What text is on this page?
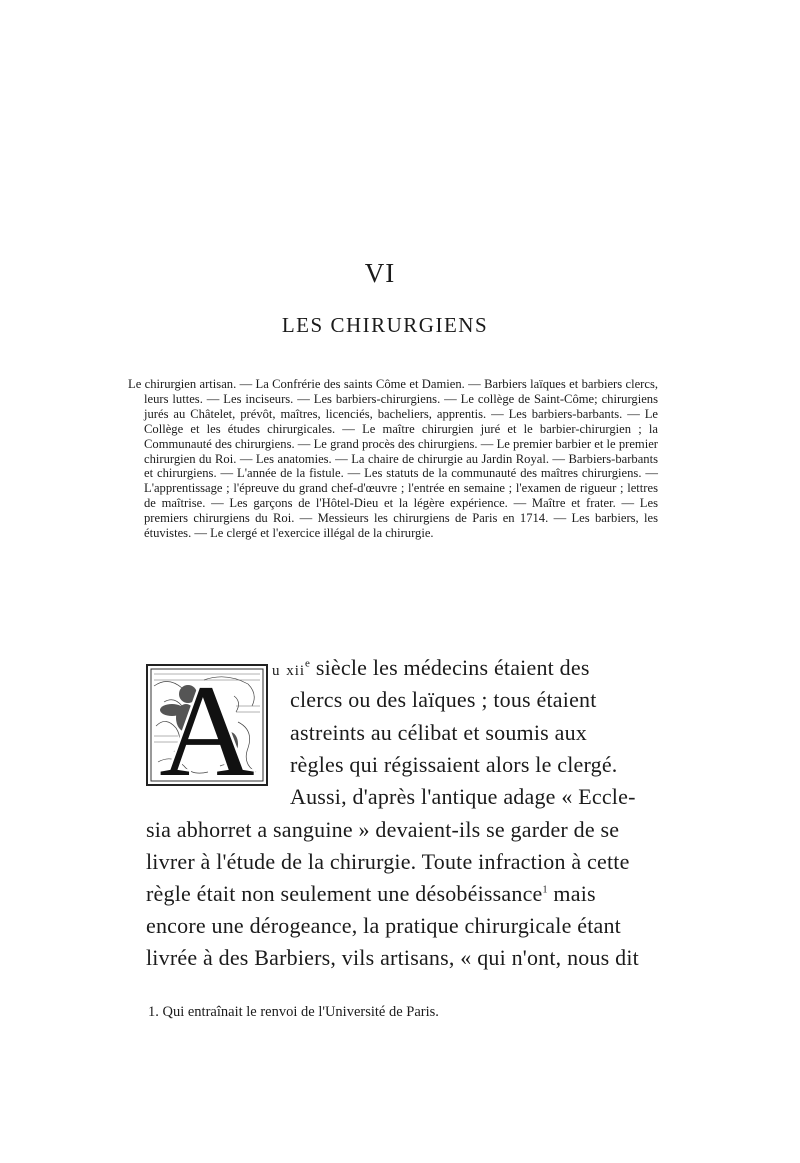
VI
LES CHIRURGIENS
Le chirurgien artisan. — La Confrérie des saints Côme et Damien. — Barbiers laïques et barbiers clercs, leurs luttes. — Les inciseurs. — Les barbiers-chirurgiens. — Le collège de Saint-Côme; chirurgiens jurés au Châtelet, prévôt, maîtres, licenciés, bacheliers, apprentis. — Les barbiers-barbants. — Le Collège et les études chirurgicales. — Le maître chirurgien juré et le barbier-chirurgien ; la Communauté des chirurgiens. — Le grand procès des chirurgiens. — Le premier barbier et le premier chirurgien du Roi. — Les anatomies. — La chaire de chirurgie au Jardin Royal. — Barbiers-barbants et chirurgiens. — L'année de la fistule. — Les statuts de la communauté des maîtres chirurgiens. — L'apprentissage ; l'épreuve du grand chef-d'œuvre ; l'entrée en semaine ; l'examen de rigueur ; lettres de maîtrise. — Les garçons de l'Hôtel-Dieu et la légère expérience. — Maître et frater. — Les premiers chirurgiens du Roi. — Messieurs les chirurgiens de Paris en 1714. — Les barbiers, les étuvistes. — Le clergé et l'exercice illégal de la chirurgie.
A	u xii$^e$ siècle les médecins étaient des
clercs ou des laïques ; tous étaient
astreints au célibat et soumis aux
règles qui régissaient alors le clergé.
Aussi, d'après l'antique adage « Eccle-
sia abhorret a sanguine » devaient-ils se garder de se
livrer à l'étude de la chirurgie. Toute infraction à cette
règle était non seulement une désobéissance$^1$ mais
encore une dérogeance, la pratique chirurgicale étant
livrée à des Barbiers, vils artisans, « qui n'ont, nous dit
1. Qui entraînait le renvoi de l'Université de Paris.
